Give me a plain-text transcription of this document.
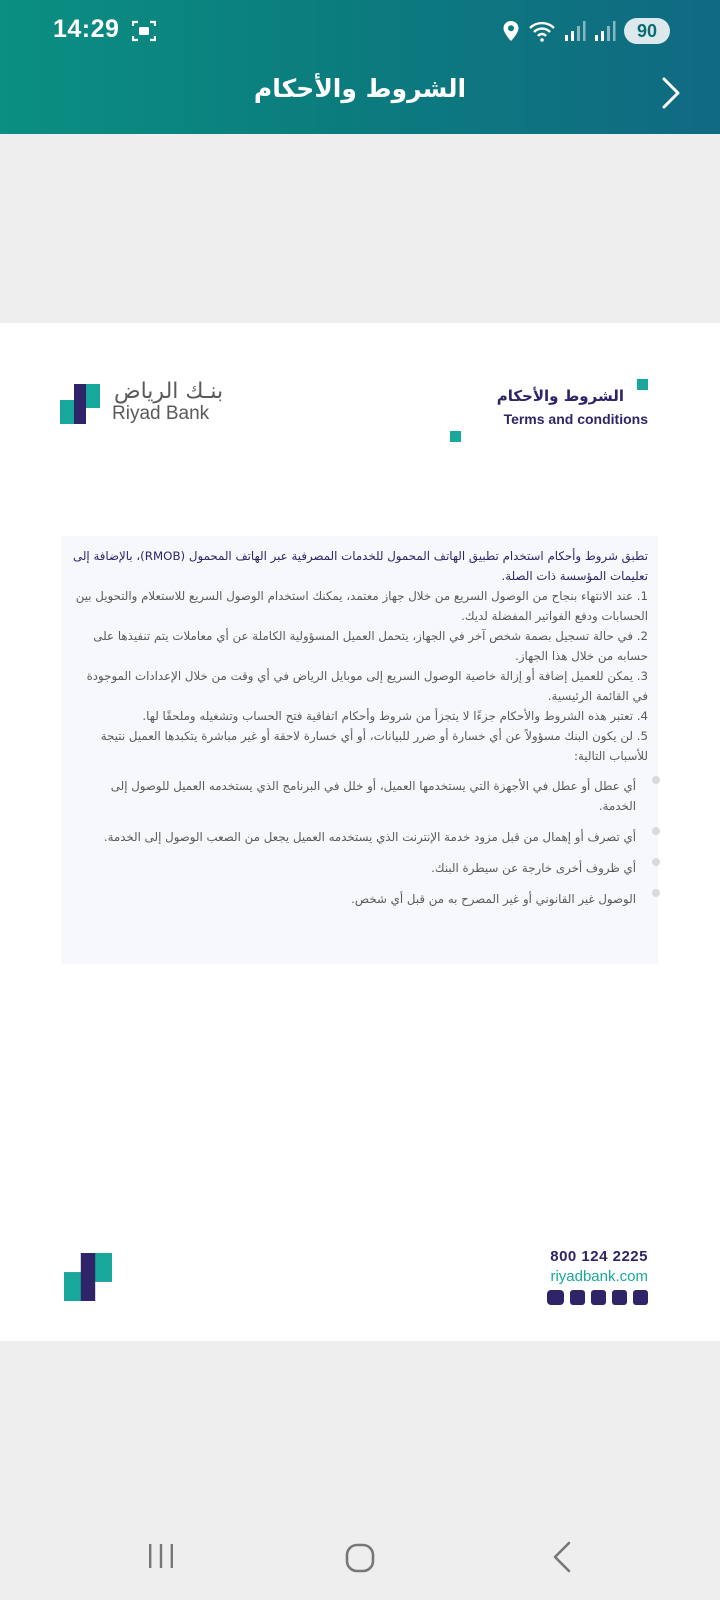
14:29	90
الشروط والأحكام
بنـك الرياض
Riyad Bank
الشروط والأحكام
Terms and conditions
تطبق شروط وأحكام استخدام تطبيق الهاتف المحمول للخدمات المصرفية عبر الهاتف المحمول (RMOB)، بالإضافة إلى تعليمات المؤسسة ذات الصلة.
1. عند الانتهاء بنجاح من الوصول السريع من خلال جهاز معتمد، يمكنك استخدام الوصول السريع للاستعلام والتحويل بين الحسابات ودفع الفواتير المفضلة لديك.
2. في حالة تسجيل بصمة شخص آخر في الجهاز، يتحمل العميل المسؤولية الكاملة عن أي معاملات يتم تنفيذها على حسابه من خلال هذا الجهاز.
3. يمكن للعميل إضافة أو إزالة خاصية الوصول السريع إلى موبايل الرياض في أي وقت من خلال الإعدادات الموجودة في القائمة الرئيسية.
4. تعتبر هذه الشروط والأحكام جزءًا لا يتجزأ من شروط وأحكام اتفاقية فتح الحساب وتشغيله وملحقًا لها.
5. لن يكون البنك مسؤولاً عن أي خسارة أو ضرر للبيانات، أو أي خسارة لاحقة أو غير مباشرة يتكبدها العميل نتيجة للأسباب التالية:
أي عطل أو عطل في الأجهزة التي يستخدمها العميل، أو خلل في البرنامج الذي يستخدمه العميل للوصول إلى الخدمة.
أي تصرف أو إهمال من قبل مزود خدمة الإنترنت الذي يستخدمه العميل يجعل من الصعب الوصول إلى الخدمة.
أي ظروف أخرى خارجة عن سيطرة البنك.
الوصول غير القانوني أو غير المصرح به من قبل أي شخص.
800 124 2225
riyadbank.com
